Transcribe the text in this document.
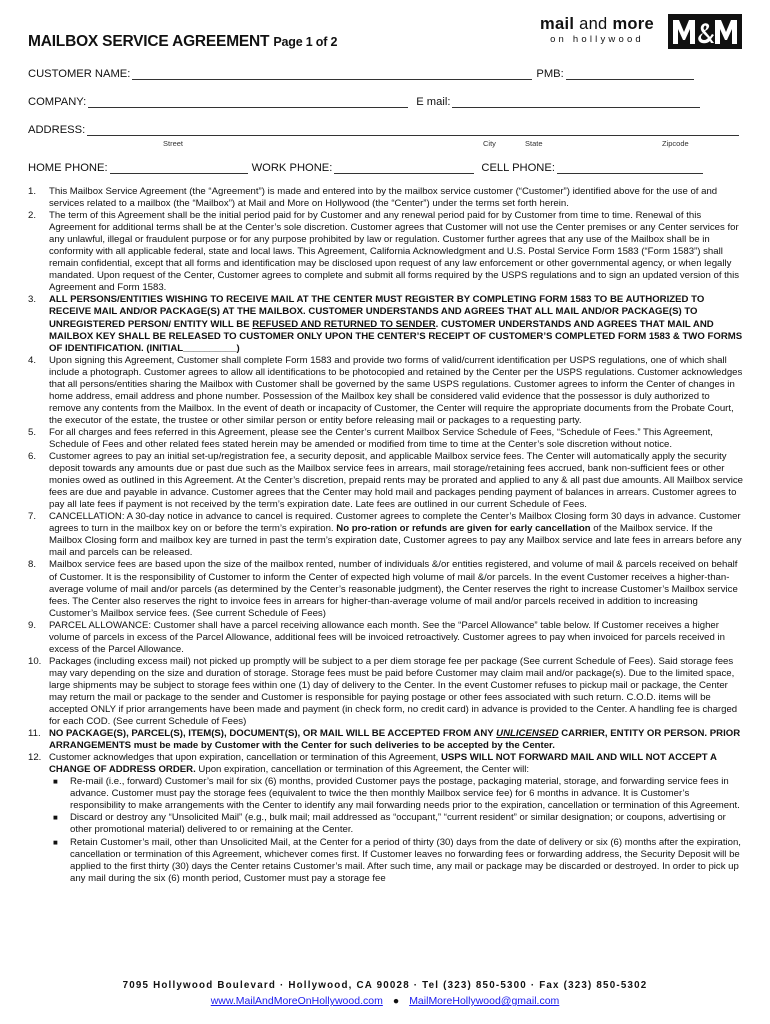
MAILBOX SERVICE AGREEMENT Page 1 of 2
mail and more
on hollywood
CUSTOMER NAME:	PMB:
COMPANY:	E mail:
ADDRESS:
Street	City	State	Zipcode
HOME PHONE:	WORK PHONE:	CELL PHONE:
1. This Mailbox Service Agreement (the “Agreement”) is made and entered into by the mailbox service customer (“Customer”) identified above for the use of and services related to a mailbox (the “Mailbox”) at Mail and More on Hollywood (the “Center”) under the terms set forth herein.
2. The term of this Agreement shall be the initial period paid for by Customer and any renewal period paid for by Customer from time to time. Renewal of this Agreement for additional terms shall be at the Center’s sole discretion. Customer agrees that Customer will not use the Center premises or any Center services for any unlawful, illegal or fraudulent purpose or for any purpose prohibited by law or regulation. Customer further agrees that any use of the Mailbox shall be in conformity with all applicable federal, state and local laws. This Agreement, California Acknowledgment and U.S. Postal Service Form 1583 (“Form 1583”) shall remain confidential, except that all forms and identification may be disclosed upon request of any law enforcement or other governmental agency, or when legally mandated. Upon request of the Center, Customer agrees to complete and submit all forms required by the USPS regulations and to sign an updated version of this Agreement and Form 1583.
3. ALL PERSONS/ENTITIES WISHING TO RECEIVE MAIL AT THE CENTER MUST REGISTER BY COMPLETING FORM 1583 TO BE AUTHORIZED TO RECEIVE MAIL AND/OR PACKAGE(S) AT THE MAILBOX. CUSTOMER UNDERSTANDS AND AGREES THAT ALL MAIL AND/OR PACKAGE(S) TO UNREGISTERED PERSON/ ENTITY WILL BE REFUSED AND RETURNED TO SENDER. CUSTOMER UNDERSTANDS AND AGREES THAT MAIL AND MAILBOX KEY SHALL BE RELEASED TO CUSTOMER ONLY UPON THE CENTER’S RECEIPT OF CUSTOMER’S COMPLETED FORM 1583 & TWO FORMS OF IDENTIFICATION. (INITIAL__________)
4. Upon signing this Agreement, Customer shall complete Form 1583 and provide two forms of valid/current identification per USPS regulations, one of which shall include a photograph. Customer agrees to allow all identifications to be photocopied and retained by the Center per the USPS regulations. Customer acknowledges that all persons/entities sharing the Mailbox with Customer shall be governed by the same USPS regulations. Customer agrees to inform the Center of changes in home address, email address and phone number. Possession of the Mailbox key shall be considered valid evidence that the possessor is duly authorized to remove any contents from the Mailbox. In the event of death or incapacity of Customer, the Center will require the appropriate documents from the Probate Court, the executor of the estate, the trustee or other similar person or entity before releasing mail or packages to a requesting party.
5. For all charges and fees referred in this Agreement, please see the Center’s current Mailbox Service Schedule of Fees, “Schedule of Fees.” This Agreement, Schedule of Fees and other related fees stated herein may be amended or modified from time to time at the Center’s sole discretion without notice.
6. Customer agrees to pay an initial set-up/registration fee, a security deposit, and applicable Mailbox service fees. The Center will automatically apply the security deposit towards any amounts due or past due such as the Mailbox service fees in arrears, mail storage/retaining fees accrued, bank non-sufficient fees or other monies owed as outlined in this Agreement. At the Center’s discretion, prepaid rents may be prorated and applied to any & all past due amounts. All Mailbox service fees are due and payable in advance. Customer agrees that the Center may hold mail and packages pending payment of balances in arrears. Customer agrees to pay all late fees if payment is not received by the term’s expiration date. Late fees are outlined in our current Schedule of Fees.
7. CANCELLATION: A 30-day notice in advance to cancel is required. Customer agrees to complete the Center’s Mailbox Closing form 30 days in advance. Customer agrees to turn in the mailbox key on or before the term’s expiration. No pro-ration or refunds are given for early cancellation of the Mailbox service. If the Mailbox Closing form and mailbox key are turned in past the term’s expiration date, Customer agrees to pay any Mailbox service and late fees in arrears before any mail and parcels can be released.
8. Mailbox service fees are based upon the size of the mailbox rented, number of individuals &/or entities registered, and volume of mail & parcels received on behalf of Customer. It is the responsibility of Customer to inform the Center of expected high volume of mail &/or parcels. In the event Customer receives a higher-than-average volume of mail and/or parcels (as determined by the Center’s reasonable judgment), the Center reserves the right to increase Customer’s Mailbox service fees. The Center also reserves the right to invoice fees in arrears for higher-than-average volume of mail and/or parcels received in addition to increasing Customer’s Mailbox service fees. (See current Schedule of Fees)
9. PARCEL ALLOWANCE: Customer shall have a parcel receiving allowance each month. See the “Parcel Allowance” table below. If Customer receives a higher volume of parcels in excess of the Parcel Allowance, additional fees will be invoiced retroactively. Customer agrees to pay when invoiced for parcels received in excess of the Parcel Allowance.
10. Packages (including excess mail) not picked up promptly will be subject to a per diem storage fee per package (See current Schedule of Fees). Said storage fees may vary depending on the size and duration of storage. Storage fees must be paid before Customer may claim mail and/or package(s). Due to the limited space, large shipments may be subject to storage fees within one (1) day of delivery to the Center. In the event Customer refuses to pickup mail or package, the Center may return the mail or package to the sender and Customer is responsible for paying postage or other fees associated with such return. C.O.D. items will be accepted ONLY if prior arrangements have been made and payment (in check form, no credit card) in advance is provided to the Center. A handling fee is charged for each COD. (See current Schedule of Fees)
11. NO PACKAGE(S), PARCEL(S), ITEM(S), DOCUMENT(S), OR MAIL WILL BE ACCEPTED FROM ANY UNLICENSED CARRIER, ENTITY OR PERSON. PRIOR ARRANGEMENTS must be made by Customer with the Center for such deliveries to be accepted by the Center.
12. Customer acknowledges that upon expiration, cancellation or termination of this Agreement, USPS WILL NOT FORWARD MAIL AND WILL NOT ACCEPT A CHANGE OF ADDRESS ORDER. Upon expiration, cancellation or termination of this Agreement, the Center will:
■ Re-mail (i.e., forward) Customer’s mail for six (6) months, provided Customer pays the postage, packaging material, storage, and forwarding service fees in advance. Customer must pay the storage fees (equivalent to twice the then monthly Mailbox service fee) for 6 months in advance. It is Customer’s responsibility to make arrangements with the Center to identify any mail forwarding needs prior to the expiration, cancellation or termination of this Agreement.
■ Discard or destroy any “Unsolicited Mail” (e.g., bulk mail; mail addressed as “occupant,” “current resident” or similar designation; or coupons, advertising or other promotional material) delivered to or remaining at the Center.
■ Retain Customer’s mail, other than Unsolicited Mail, at the Center for a period of thirty (30) days from the date of delivery or six (6) months after the expiration, cancellation or termination of this Agreement, whichever comes first. If Customer leaves no forwarding fees or forwarding address, the Security Deposit will be applied to the first thirty (30) days the Center retains Customer’s mail. After such time, any mail or package may be discarded or destroyed. In order to pick up any mail during the six (6) month period, Customer must pay a storage fee
7095 Hollywood Boulevard · Hollywood, CA 90028 · Tel (323) 850-5300 · Fax (323) 850-5302
www.MailAndMoreOnHollywood.com ● MailMoreHollywood@gmail.com
